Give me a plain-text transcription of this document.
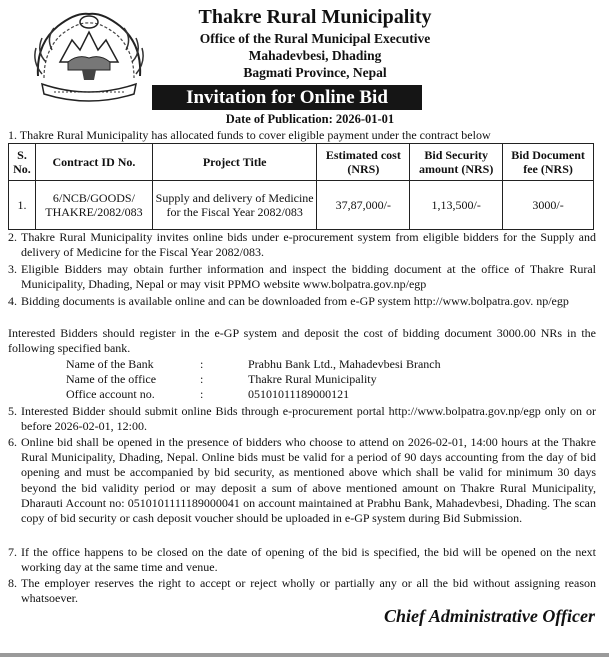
Thakre Rural Municipality
Office of the Rural Municipal Executive
Mahadevbesi, Dhading
Bagmati Province, Nepal
Invitation for Online Bid
Date of Publication: 2026-01-01
1. Thakre Rural Municipality has allocated funds to cover eligible payment under the contract below
S. No.	Contract ID No.	Project Title	Estimated cost (NRS)	Bid Security amount (NRS)	Bid Document fee (NRS)
1.	6/NCB/GOODS/ THAKRE/2082/083	Supply and delivery of Medicine for the Fiscal Year 2082/083	37,87,000/-	1,13,500/-	3000/-
2. Thakre Rural Municipality invites online bids under e-procurement system from eligible bidders for the Supply and delivery of Medicine for the Fiscal Year 2082/083.
3. Eligible Bidders may obtain further information and inspect the bidding document at the office of Thakre Rural Municipality, Dhading, Nepal or may visit PPMO website www.bolpatra.gov.np/egp
4. Bidding documents is available online and can be downloaded from e-GP system http://www.bolpatra.gov. np/egp
Interested Bidders should register in the e-GP system and deposit the cost of bidding document 3000.00 NRs in the following specified bank.
Name of the Bank	:	Prabhu Bank Ltd., Mahadevbesi Branch
Name of the office	:	Thakre Rural Municipality
Office account no.	:	05101011189000121
5. Interested Bidder should submit online Bids through e-procurement portal http://www.bolpatra.gov.np/egp only on or before 2026-02-01, 12:00.
6. Online bid shall be opened in the presence of bidders who choose to attend on 2026-02-01, 14:00 hours at the Thakre Rural Municipality, Dhading, Nepal. Online bids must be valid for a period of 90 days accounting from the day of bid opening and must be accompanied by bid security, as mentioned above which shall be valid for minimum 30 days beyond the bid validity period or may deposit a sum of above mentioned amount on Thakre Rural Municipality, Dharauti Account no: 0510101111189000041 on account maintained at Prabhu Bank, Mahadevbesi, Dhading. The scan copy of bid security or cash deposit voucher should be uploaded in e-GP system during Bid Submission.
7. If the office happens to be closed on the date of opening of the bid is specified, the bid will be opened on the next working day at the same time and venue.
8. The employer reserves the right to accept or reject wholly or partially any or all the bid without assigning reason whatsoever.
Chief Administrative Officer
